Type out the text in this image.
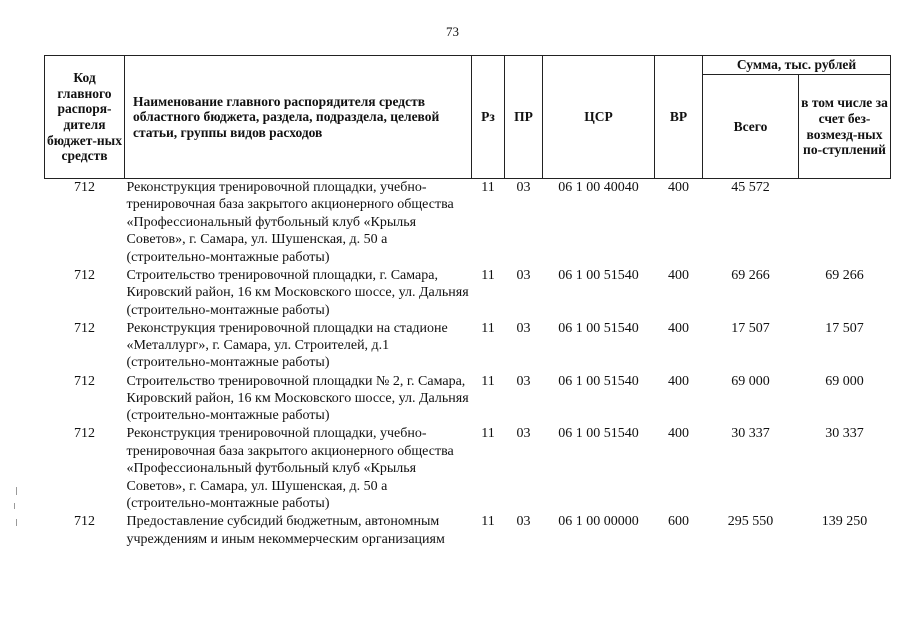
73
Код главного распоря-дителя бюджет-ных средств	Наименование главного распорядителя средств областного бюджета, раздела, подраздела, целевой статьи, группы видов расходов	Рз	ПР	ЦСР	ВР	Сумма, тыс. рублей	
						Всего	в том числе за счет без-возмезд-ных по-ступлений
712	Реконструкция тренировочной площадки, учебно-тренировочная база закрытого акционерного общества «Профессиональный футбольный клуб «Крылья Советов», г. Самара, ул. Шушенская, д. 50 а (строительно-монтажные работы)	11	03	06 1 00 40040	400	45 572	
712	Строительство тренировочной площадки, г. Самара, Кировский район, 16 км Московского шоссе, ул. Дальняя (строительно-монтажные работы)	11	03	06 1 00 51540	400	69 266	69 266
712	Реконструкция тренировочной площадки на стадионе «Металлург», г. Самара, ул. Строителей, д.1 (строительно-монтажные работы)	11	03	06 1 00 51540	400	17 507	17 507
712	Строительство тренировочной площадки № 2, г. Самара, Кировский район, 16 км Московского шоссе, ул. Дальняя (строительно-монтажные работы)	11	03	06 1 00 51540	400	69 000	69 000
712	Реконструкция тренировочной площадки, учебно-тренировочная база закрытого акционерного общества «Профессиональный футбольный клуб «Крылья Советов», г. Самара, ул. Шушенская, д. 50 а (строительно-монтажные работы)	11	03	06 1 00 51540	400	30 337	30 337
712	Предоставление субсидий бюджетным, автономным учреждениям и иным некоммерческим организациям	11	03	06 1 00 00000	600	295 550	139 250
